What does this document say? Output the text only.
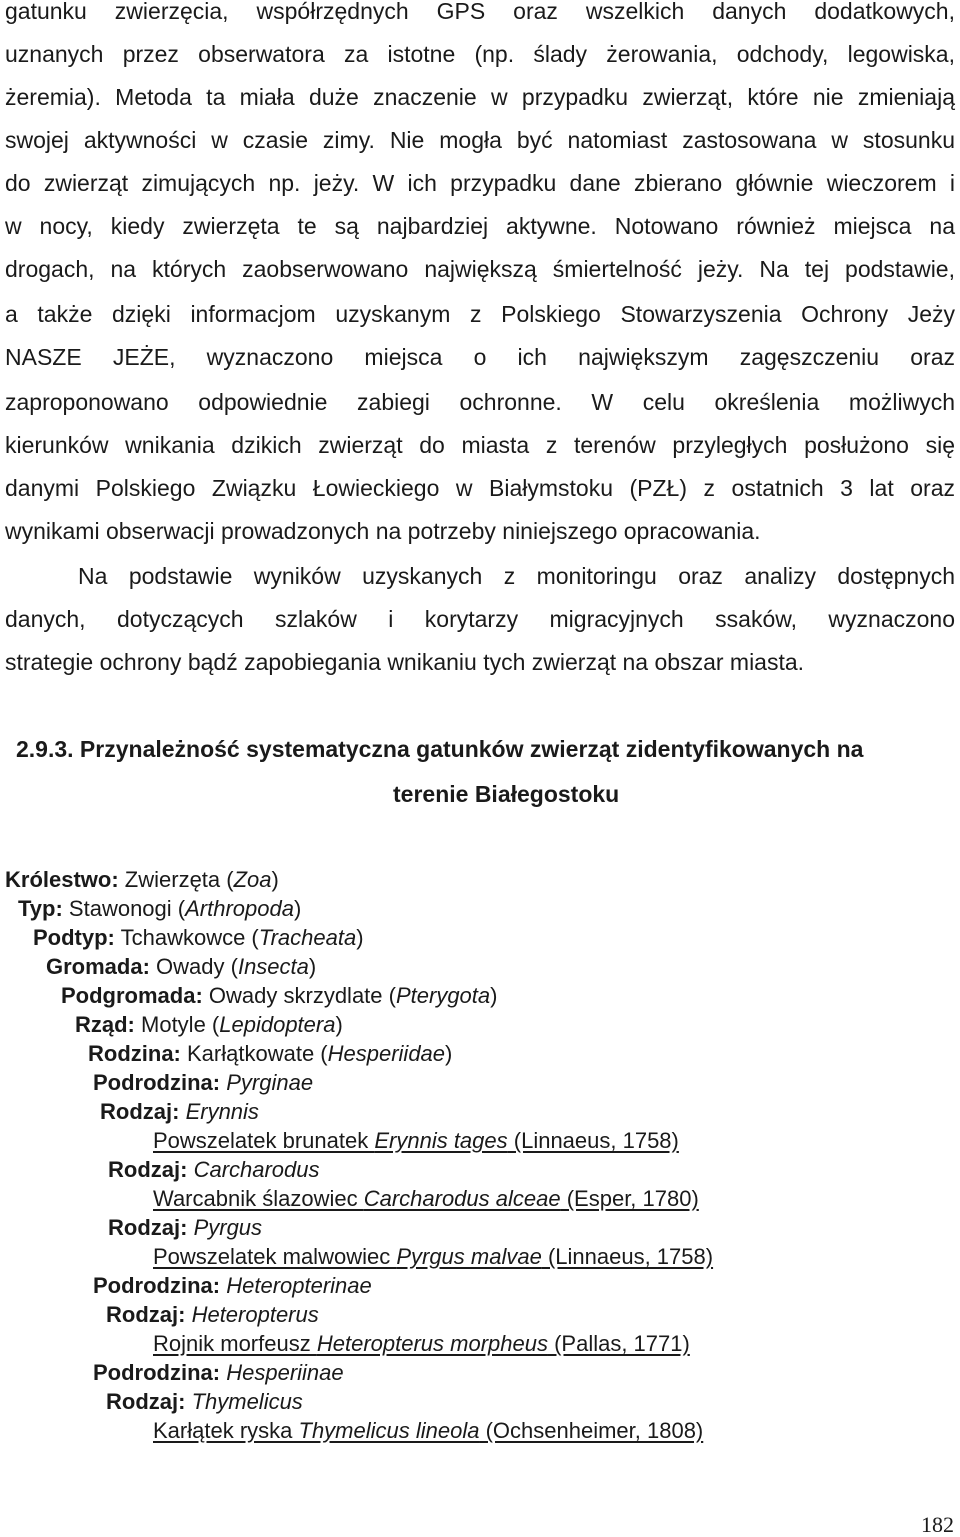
gatunku zwierzęcia, współrzędnych GPS oraz wszelkich danych dodatkowych,
uznanych przez obserwatora za istotne (np. ślady żerowania, odchody, legowiska,
żeremia). Metoda ta miała duże znaczenie w przypadku zwierząt, które nie zmieniają
swojej aktywności w czasie zimy. Nie mogła być natomiast zastosowana w stosunku
do zwierząt zimujących np. jeży. W ich przypadku dane zbierano głównie wieczorem i
w nocy, kiedy zwierzęta te są najbardziej aktywne. Notowano również miejsca na
drogach, na których zaobserwowano największą śmiertelność jeży. Na tej podstawie,
a także dzięki informacjom uzyskanym z Polskiego Stowarzyszenia Ochrony Jeży
NASZE JEŻE, wyznaczono miejsca o ich największym zagęszczeniu oraz
zaproponowano odpowiednie zabiegi ochronne. W celu określenia możliwych
kierunków wnikania dzikich zwierząt do miasta z terenów przyległych posłużono się
danymi Polskiego Związku Łowieckiego w Białymstoku (PZŁ) z ostatnich 3 lat oraz
wynikami obserwacji prowadzonych na potrzeby niniejszego opracowania.
Na podstawie wyników uzyskanych z monitoringu oraz analizy dostępnych
danych, dotyczących szlaków i korytarzy migracyjnych ssaków, wyznaczono
strategie ochrony bądź zapobiegania wnikaniu tych zwierząt na obszar miasta.
2.9.3. Przynależność systematyczna gatunków zwierząt zidentyfikowanych na
terenie Białegostoku
Królestwo: Zwierzęta (Zoa)
Typ: Stawonogi (Arthropoda)
Podtyp: Tchawkowce (Tracheata)
Gromada: Owady (Insecta)
Podgromada: Owady skrzydlate (Pterygota)
Rząd: Motyle (Lepidoptera)
Rodzina: Karłątkowate (Hesperiidae)
Podrodzina: Pyrginae
Rodzaj: Erynnis
Powszelatek brunatek Erynnis tages (Linnaeus, 1758)
Rodzaj: Carcharodus
Warcabnik ślazowiec Carcharodus alceae (Esper, 1780)
Rodzaj: Pyrgus
Powszelatek malwowiec Pyrgus malvae (Linnaeus, 1758)
Podrodzina: Heteropterinae
Rodzaj: Heteropterus
Rojnik morfeusz Heteropterus morpheus (Pallas, 1771)
Podrodzina: Hesperiinae
Rodzaj: Thymelicus
Karłątek ryska Thymelicus lineola (Ochsenheimer, 1808)
182
